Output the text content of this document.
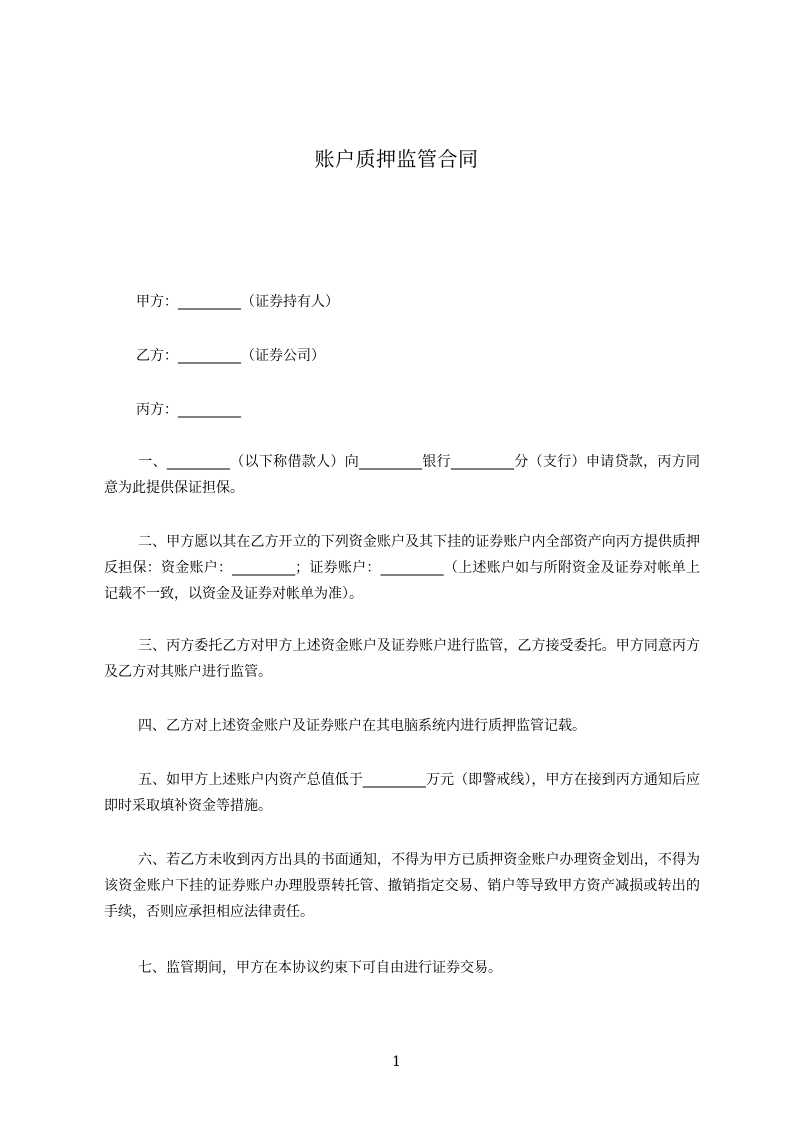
账户质押监管合同
甲方：_________（证券持有人）
乙方：_________（证券公司）
丙方：_________
一、_________（以下称借款人）向_________银行_________分（支行）申请贷款，丙方同意为此提供保证担保。
二、甲方愿以其在乙方开立的下列资金账户及其下挂的证券账户内全部资产向丙方提供质押反担保：资金账户：_________；证券账户：_________（上述账户如与所附资金及证券对帐单上记载不一致，以资金及证券对帐单为准）。
三、丙方委托乙方对甲方上述资金账户及证券账户进行监管，乙方接受委托。甲方同意丙方及乙方对其账户进行监管。
四、乙方对上述资金账户及证券账户在其电脑系统内进行质押监管记载。
五、如甲方上述账户内资产总值低于_________万元（即警戒线），甲方在接到丙方通知后应即时采取填补资金等措施。
六、若乙方未收到丙方出具的书面通知，不得为甲方已质押资金账户办理资金划出，不得为该资金账户下挂的证券账户办理股票转托管、撤销指定交易、销户等导致甲方资产减损或转出的手续，否则应承担相应法律责任。
七、监管期间，甲方在本协议约束下可自由进行证券交易。
1
